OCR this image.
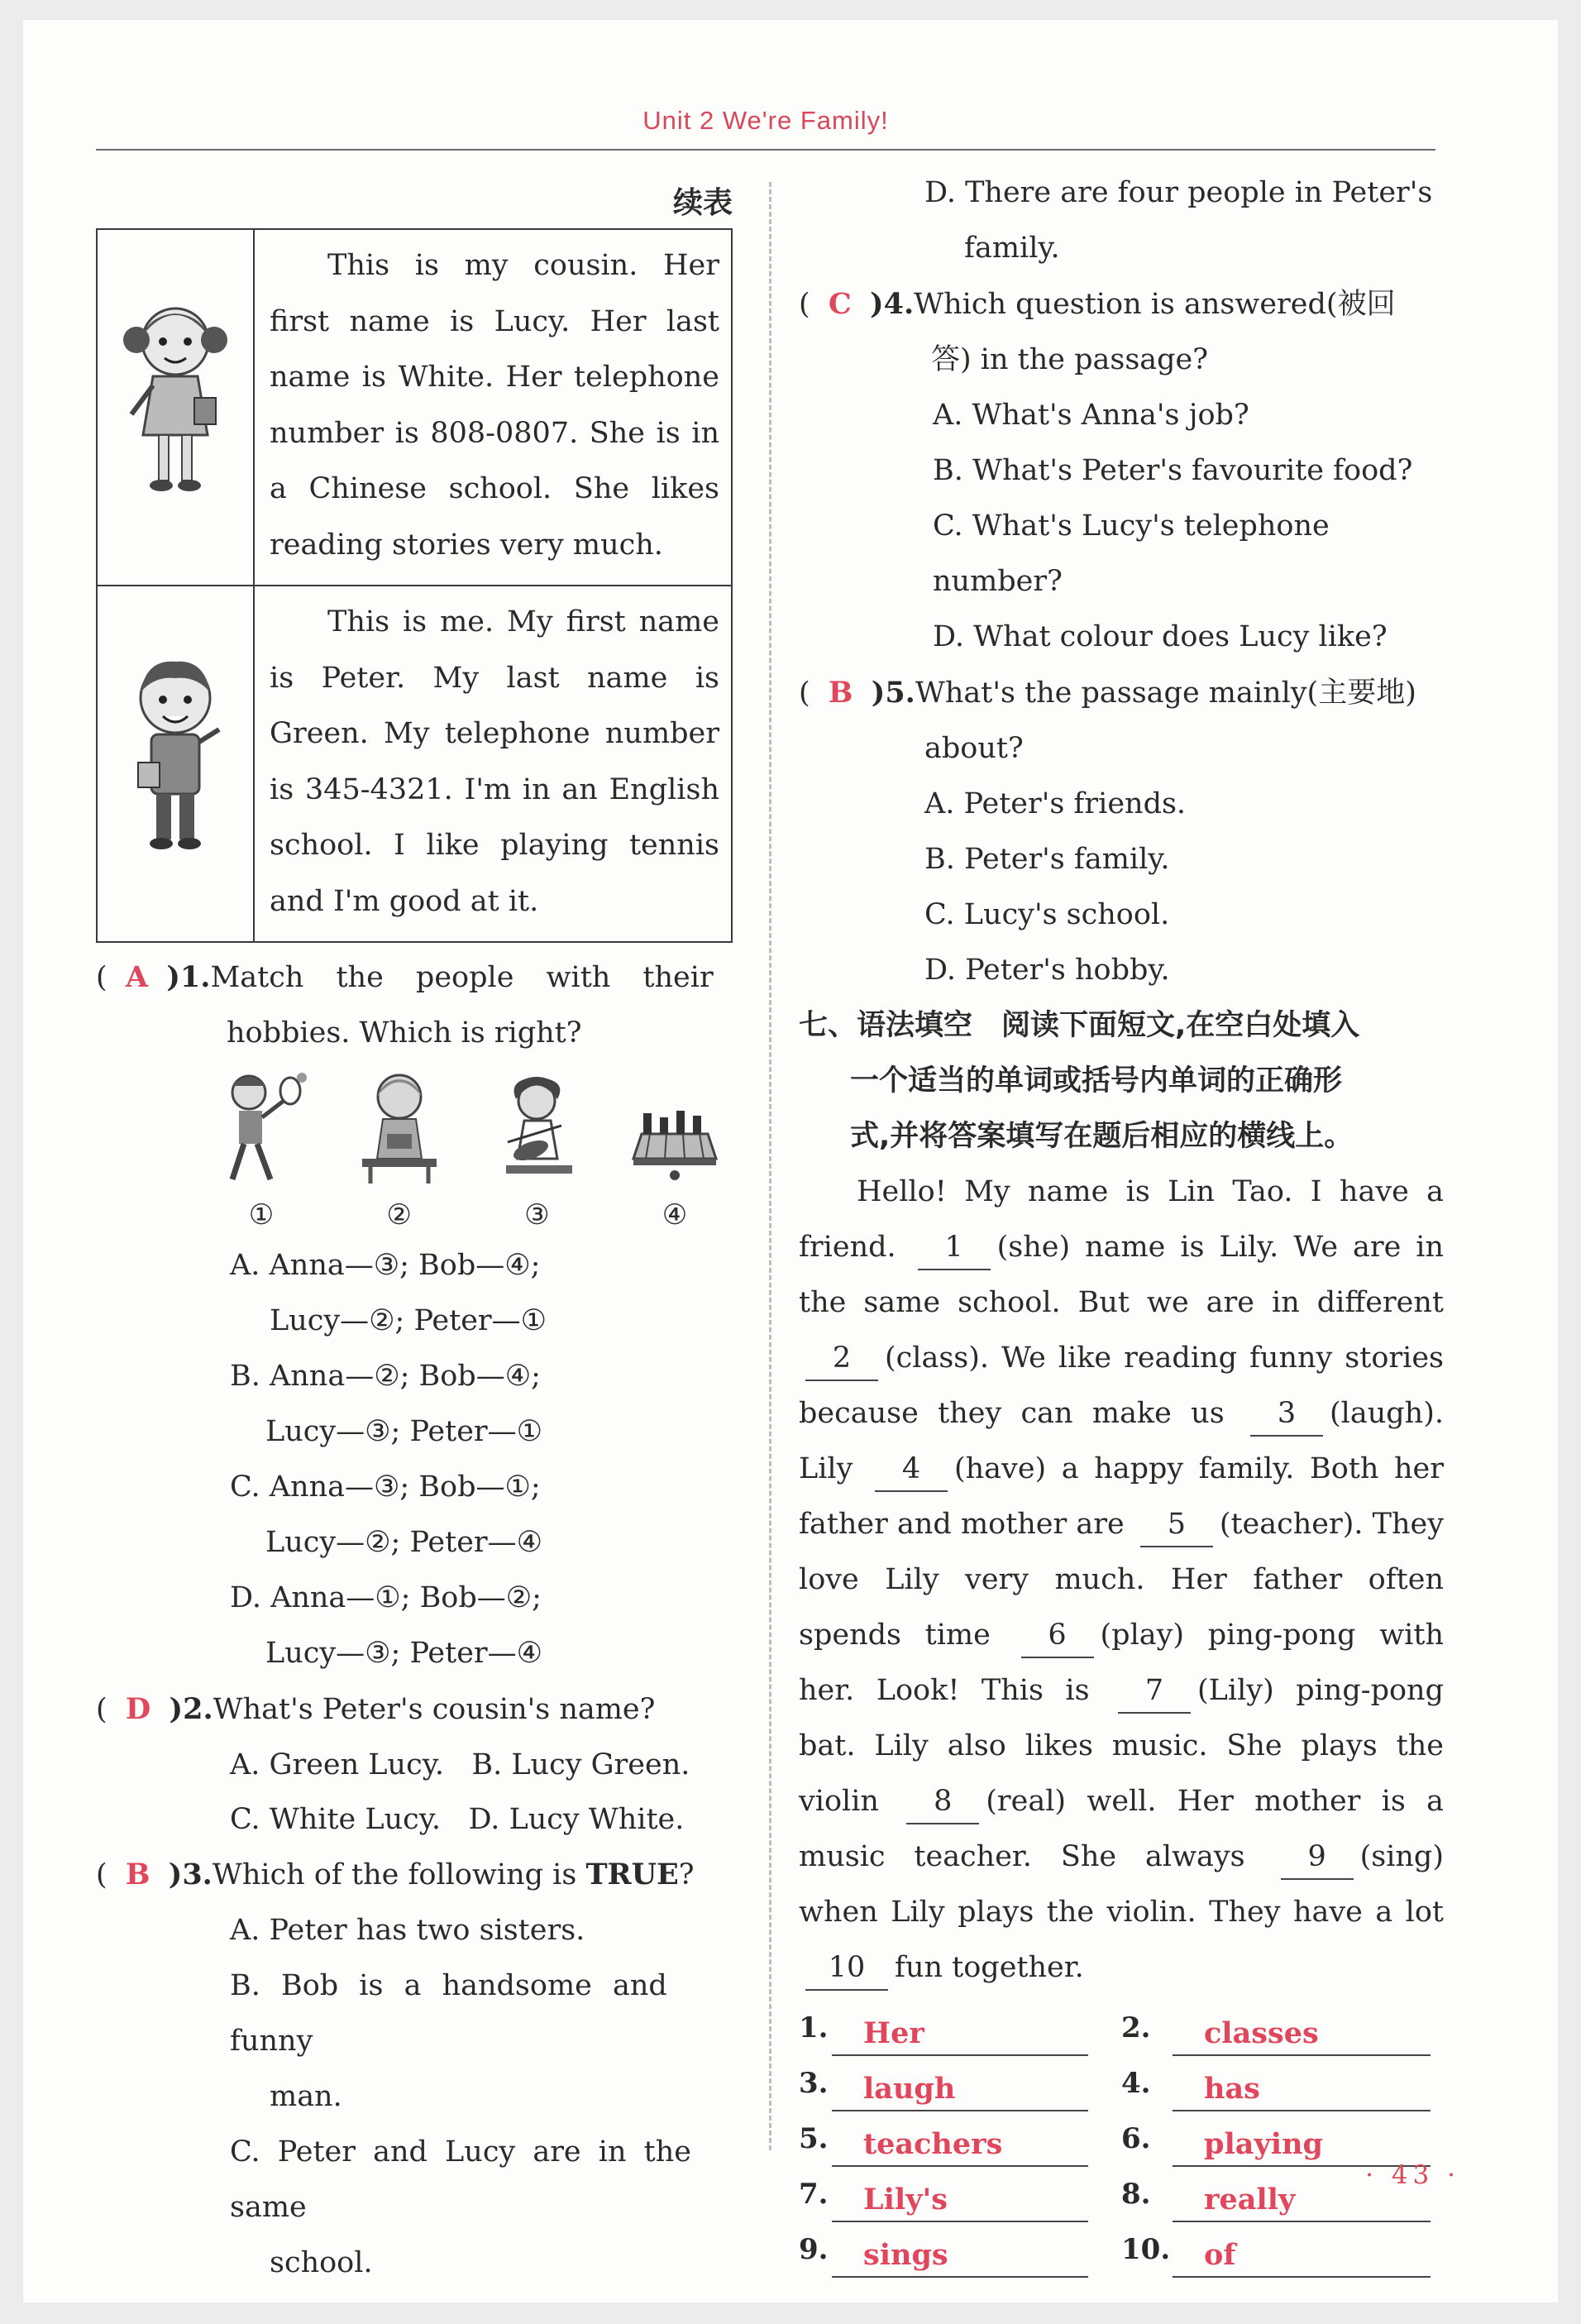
Unit 2 We're Family!
续表
	This is my cousin. Her first name is Lucy. Her last name is White. Her telephone number is 808-0807. She is in a Chinese school. She likes reading stories very much.
	This is me. My first name is Peter. My last name is Green. My telephone number is 345-4321. I'm in an English school. I like playing tennis and I'm good at it.
(  A )1.Match the people with their
hobbies. Which is right?
①	②	③	④
A. Anna—③; Bob—④;
Lucy—②; Peter—①
B. Anna—②; Bob—④;
Lucy—③; Peter—①
C. Anna—③; Bob—①;
Lucy—②; Peter—④
D. Anna—①; Bob—②;
Lucy—③; Peter—④
(  D )2.What's Peter's cousin's name?
A. Green Lucy. B. Lucy Green.
C. White Lucy. D. Lucy White.
(  B )3.Which of the following is TRUE?
A. Peter has two sisters.
B. Bob is a handsome and funny
man.
C. Peter and Lucy are in the same
school.
D. There are four people in Peter's
family.
(  C )4.Which question is answered(被回
答) in the passage?
A. What's Anna's job?
B. What's Peter's favourite food?
C. What's Lucy's telephone number?
D. What colour does Lucy like?
(  B )5.What's the passage mainly(主要地)
about?
A. Peter's friends.
B. Peter's family.
C. Lucy's school.
D. Peter's hobby.
七、语法填空　阅读下面短文,在空白处填入
一个适当的单词或括号内单词的正确形
式,并将答案填写在题后相应的横线上。
Hello! My name is Lin Tao. I have a friend. 1 (she) name is Lily. We are in the same school. But we are in different 2 (class). We like reading funny stories because they can make us 3 (laugh). Lily 4 (have) a happy family. Both her father and mother are 5 (teacher). They love Lily very much. Her father often spends time 6 (play) ping-pong with her. Look! This is 7 (Lily) ping-pong bat. Lily also likes music. She plays the violin 8 (real) well. Her mother is a music teacher. She always 9 (sing) when Lily plays the violin. They have a lot 10 fun together.
1.	Her	2.	classes
3.	laugh	4.	has
5.	teachers	6.	playing
7.	Lily's	8.	really
9.	sings	10.	of
· 43 ·
